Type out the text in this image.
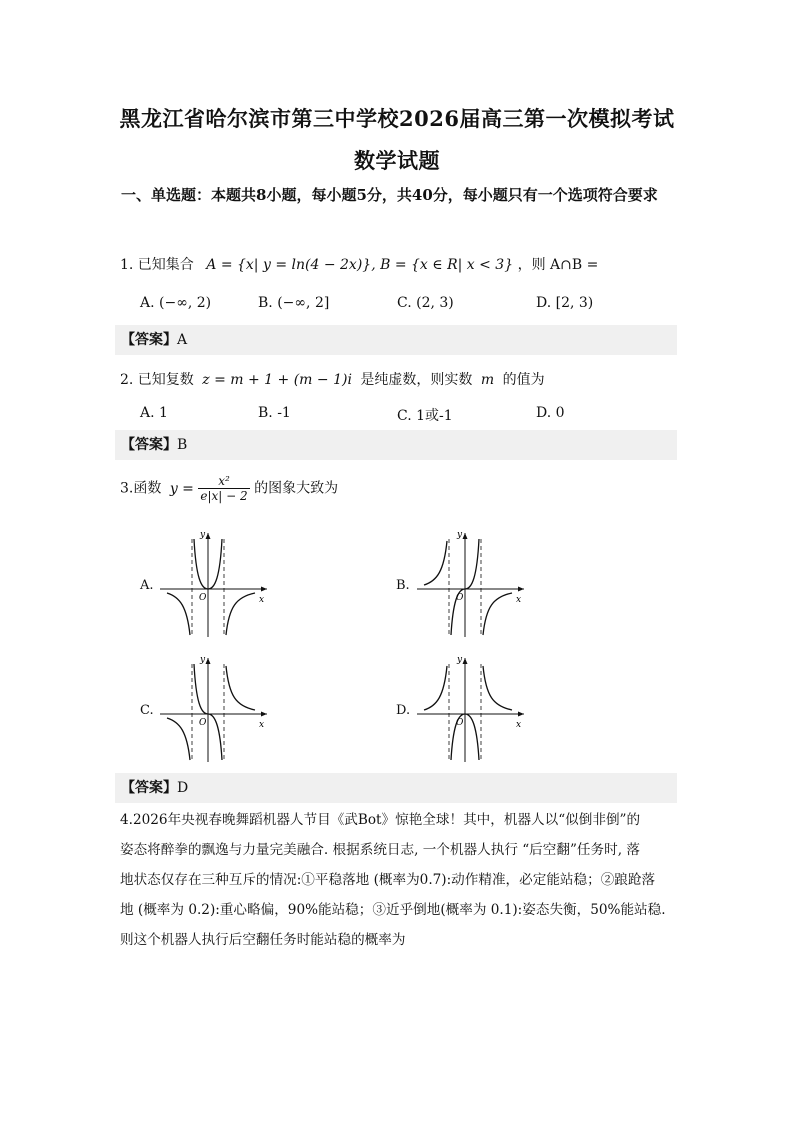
黑龙江省哈尔滨市第三中学校2026届高三第一次模拟考试
数学试题
一、单选题：本题共8小题，每小题5分，共40分，每小题只有一个选项符合要求
1. 已知集合 A = {x| y = ln(4 − 2x)}, B = {x ∈ R| x < 3} ，则 A∩B =
A. (−∞, 2)	B. (−∞, 2]	C. (2, 3)	D. [2, 3)
【答案】A
2. 已知复数 z = m + 1 + (m − 1)i 是纯虚数，则实数 m 的值为
A. 1	B. -1	C. 1或-1	D. 0
【答案】B
3.函数 $y = \frac{\text{x²}}{e|x| - 2}$ 的图象大致为
A.	B.
C.	D.
O	x
y
O	x
y
O	x
y
O	x
y
【答案】D
4.2026年央视春晚舞蹈机器人节目《武Bot》惊艳全球！其中，机器人以“似倒非倒”的
姿态将醉拳的飘逸与力量完美融合. 根据系统日志, 一个机器人执行 “后空翻”任务时, 落
地状态仅存在三种互斥的情况:①平稳落地 (概率为0.7):动作精准，必定能站稳；②踉跄落
地 (概率为 0.2):重心略偏，90%能站稳；③近乎倒地(概率为 0.1):姿态失衡，50%能站稳.
则这个机器人执行后空翻任务时能站稳的概率为
